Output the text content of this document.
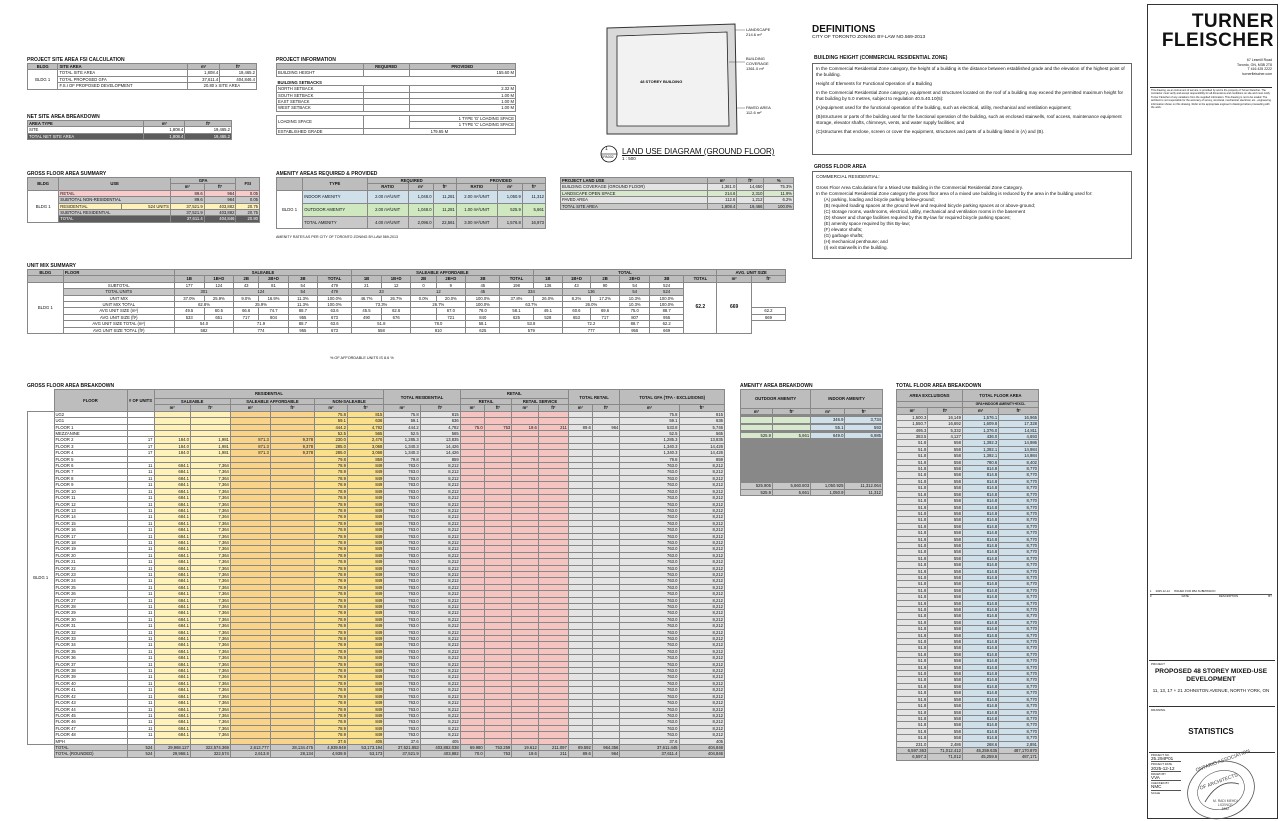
PROJECT SITE AREA FSI CALCULATION
BLDG	SITE AREA	m²	ft²
BLDG 1	TOTAL SITE AREA	1,808.4	19,465.2
	TOTAL PROPOSED GFA	37,611.4	404,846.4
	F.S.I OF PROPOSED DEVELOPMENT	20.80 x SITE AREA	
NET SITE AREA BREAKDOWN
AREA TYPE	m²	ft²
SITE	1,808.4	19,465.2
TOTAL NET SITE AREA	1,808.4	19,465.2
PROJECT INFORMATION
	REQUIRED	PROVIDED
BUILDING HEIGHT		155.60 M
BUILDING SETBACKS		
NORTH SETBACK		2.32 M
SOUTH SETBACK		1.00 M
EAST SETBACK		1.00 M
WEST SETBACK		1.00 M

LOADING SPACE		1 TYPE 'G' LOADING SPACE
		1 TYPE 'C' LOADING SPACE
ESTABLISHED GRADE	179.65 M	
48 STOREY BUILDING
LANDSCAPE
214.6 m²
BUILDING COVERAGE
1361.0 m²
PAVED AREA
112.6 m²
1
SPA002
LAND USE DIAGRAM (GROUND FLOOR)
1 : 500
DEFINITIONS
CITY OF TORONTO ZONING BY-LAW NO.569-2013
BUILDING HEIGHT (COMMERCIAL RESIDENTIAL ZONE)
In the Commercial Residential Zone category, the height of a building is the distance between established grade and the elevation of the highest point of the building.
Height of Elements for Functional Operation of a Building
In the Commercial Residential Zone category, equipment and structures located on the roof of a building may exceed the permitted maximum height for that building by 5.0 metres, subject to regulation 40.5.40.10(5):
(A)equipment used for the functional operation of the building, such as electrical, utility, mechanical and ventilation equipment;
(B)structures or parts of the building used for the functional operation of the building, such as enclosed stairwells, roof access, maintenance equipment storage, elevator shafts, chimneys, vents, and water supply facilities; and
(C)structures that enclose, screen or cover the equipment, structures and parts of a building listed in (A) and (B).
GROSS FLOOR AREA
COMMERCIAL RESIDENTIAL:
Gross Floor Area Calculations for a Mixed Use Building in the Commercial Residential Zone Category.
In the Commercial Residential Zone category the gross floor area of a mixed use building is reduced by the area in the building used for:
(A) parking, loading and bicycle parking below-ground;
(B) required loading spaces at the ground level and required bicycle parking spaces at or above-ground;
(C) storage rooms, washrooms, electrical, utility, mechanical and ventilation rooms in the basement
(D) shower and change facilities required by this By-law for required bicycle parking spaces;
(E) amenity space required by this By-law;
(F) elevator shafts;
(G) garbage shafts;
(H) mechanical penthouse; and
(I) exit stairwells in the building.
GROSS FLOOR AREA SUMMARY
BLDG	USE		GFA		FSI
			m²	ft²	
BLDG 1	RETAIL		89.6	964	0.05
	SUBTOTAL NON-RESIDENTIAL		89.6	964	0.05
	RESIDENTIAL	524 UNITS	37,521.9	403,882	20.75
	SUBTOTAL RESIDENTIAL		37,521.9	403,882	20.75
	TOTAL		37,611.4	404,846	20.80
AMENITY AREAS REQUIRED & PROVIDED
	TYPE	REQUIRED			PROVIDED		
		RATIO	m²	ft²	RATIO	m²	ft²
BLDG 1	INDOOR AMENITY	2.00 m²/UNIT	1,048.0	11,281	2.00 m²/UNIT	1,050.9	11,312
	OUTDOOR AMENITY	2.00 m²/UNIT	1,048.0	11,281	1.00 m²/UNIT	525.9	5,661
	TOTAL AMENITY	4.00 m²/UNIT	2,096.0	22,561	3.00 m²/UNIT	1,576.8	16,973
AMENITY RATES AS PER CITY OF TORONTO ZONING BY-LAW 569-2013
PROJECT LAND USE	m²	ft²	%
BUILDING COVERAGE (GROUND FLOOR)	1,361.0	14,650	75.3%
LANDSCAPE OPEN SPACE	214.6	2,310	11.9%
PAVED AREA	112.6	1,212	6.2%
TOTAL SITE AREA	1,808.4	19,466	100.0%
UNIT MIX SUMMARY
BLDG	FLOOR	SALEABLE						SALEABLE AFFORDABLE						TOTAL						AVG. UNIT SIZE	
		1B	1B+D	2B	2B+D	3B	TOTAL	1B	1B+D	2B	2B+D	3B	TOTAL	1B	1B+D	2B	2B+D	3B	TOTAL	m²	ft²
BLDG 1	SUBTOTAL	177	124	43	81	54	479	21	12	0	9	45	198	136	43	90	54	524	62.2	669	
	TOTAL UNITS	301		124		54	479	33		12		45	334		136		54	524			
	UNIT MIX	37.0%	25.9%	9.0%	16.9%	11.3%	100.0%	46.7%	26.7%	0.0%	20.0%	100.0%	37.8%	26.0%	8.2%	17.2%	10.3%	100.0%			
	UNIT MIX TOTAL	62.8%		25.9%		11.3%	100.0%	73.3%		26.7%		100.0%	63.7%		26.0%		10.3%	100.0%			
	AVG UNIT SIZE (m²)	49.5	60.5	66.6	74.7	88.7	63.6	45.5	62.6		67.0	78.0	58.1	49.1	60.6	69.6	75.0	88.7			62.2
	AVG UNIT SIZE (ft²)	533	651	717	804	955	673	490	676		721	840	625	528	653	717	807	955			669
	AVG UNIT SIZE TOTAL (m²)	54.0		71.9		88.7	63.6	51.8		78.0		58.1	53.8		72.2		88.7	62.2			
	AVG UNIT SIZE TOTAL (ft²)	582		774		955	673	558		810		625	579		777		955	669			
% OF AFFORDABLE UNITS IS 8.6 %
GROSS FLOOR AREA BREAKDOWN
	FLOOR	# OF UNITS	RESIDENTIAL						TOTAL RESIDENTIAL		RETAIL				TOTAL RETAIL		TOTAL GFA (TFA - EXCLUSIONS)	
			SALEABLE		SALEABLE AFFORDABLE		NON-SALEABLE				RETAIL		RETAIL SERVICE					
			m²	ft²	m²	ft²	m²	ft²	m²	ft²	m²	ft²	m²	ft²	m²	ft²	m²	ft²
BLDG 1	UG2						75.8	815	75.8	815							75.8	815
	UG1						59.1	636	59.1	636							59.1	636
	FLOOR 1						444.2	4,782	444.2	4,782	75.0	753	19.6	211	89.6	964	533.8	5,746
	MEZZANINE						52.5	565	52.5	565							52.5	565
	FLOOR 2	17	184.0	1,981	871.3	9,378	230.0	2,476	1,285.3	13,835							1,285.3	13,835
	FLOOR 3	17	184.0	1,981	871.3	9,378	285.0	3,068	1,340.3	14,426							1,340.3	14,426
	FLOOR 4	17	184.0	1,981	871.3	9,378	285.0	3,068	1,340.3	14,426							1,340.3	14,426
	FLOOR 5						79.8	859	79.8	859							79.8	859
	FLOOR 6	11	684.1	7,364			78.9	849	763.0	8,212							763.0	8,212
	FLOOR 7	11	684.1	7,364			78.9	849	763.0	8,212							763.0	8,212
	FLOOR 8	11	684.1	7,364			78.9	849	763.0	8,212							763.0	8,212
	FLOOR 9	11	684.1	7,364			78.9	849	763.0	8,212							763.0	8,212
	FLOOR 10	11	684.1	7,364			78.9	849	763.0	8,212							763.0	8,212
	FLOOR 11	11	684.1	7,364			78.9	849	763.0	8,212							763.0	8,212
	FLOOR 12	11	684.1	7,364			78.9	849	763.0	8,212							763.0	8,212
	FLOOR 13	11	684.1	7,364			78.9	849	763.0	8,212							763.0	8,212
	FLOOR 14	11	684.1	7,364			78.9	849	763.0	8,212							763.0	8,212
	FLOOR 15	11	684.1	7,364			78.9	849	763.0	8,212							763.0	8,212
	FLOOR 16	11	684.1	7,364			78.9	849	763.0	8,212							763.0	8,212
	FLOOR 17	11	684.1	7,364			78.9	849	763.0	8,212							763.0	8,212
	FLOOR 18	11	684.1	7,364			78.9	849	763.0	8,212							763.0	8,212
	FLOOR 19	11	684.1	7,364			78.9	849	763.0	8,212							763.0	8,212
	FLOOR 20	11	684.1	7,364			78.9	849	763.0	8,212							763.0	8,212
	FLOOR 21	11	684.1	7,364			78.9	849	763.0	8,212							763.0	8,212
	FLOOR 22	11	684.1	7,364			78.9	849	763.0	8,212							763.0	8,212
	FLOOR 23	11	684.1	7,364			78.9	849	763.0	8,212							763.0	8,212
	FLOOR 24	11	684.1	7,364			78.9	849	763.0	8,212							763.0	8,212
	FLOOR 25	11	684.1	7,364			78.9	849	763.0	8,212							763.0	8,212
	FLOOR 26	11	684.1	7,364			78.9	849	763.0	8,212							763.0	8,212
	FLOOR 27	11	684.1	7,364			78.9	849	763.0	8,212							763.0	8,212
	FLOOR 28	11	684.1	7,364			78.9	849	763.0	8,212							763.0	8,212
	FLOOR 29	11	684.1	7,364			78.9	849	763.0	8,212							763.0	8,212
	FLOOR 30	11	684.1	7,364			78.9	849	763.0	8,212							763.0	8,212
	FLOOR 31	11	684.1	7,364			78.9	849	763.0	8,212							763.0	8,212
	FLOOR 32	11	684.1	7,364			78.9	849	763.0	8,212							763.0	8,212
	FLOOR 33	11	684.1	7,364			78.9	849	763.0	8,212							763.0	8,212
	FLOOR 34	11	684.1	7,364			78.9	849	763.0	8,212							763.0	8,212
	FLOOR 35	11	684.1	7,364			78.9	849	763.0	8,212							763.0	8,212
	FLOOR 36	11	684.1	7,364			78.9	849	763.0	8,212							763.0	8,212
	FLOOR 37	11	684.1	7,364			78.9	849	763.0	8,212							763.0	8,212
	FLOOR 38	11	684.1	7,364			78.9	849	763.0	8,212							763.0	8,212
	FLOOR 39	11	684.1	7,364			78.9	849	763.0	8,212							763.0	8,212
	FLOOR 40	11	684.1	7,364			78.9	849	763.0	8,212							763.0	8,212
	FLOOR 41	11	684.1	7,364			78.9	849	763.0	8,212							763.0	8,212
	FLOOR 42	11	684.1	7,364			78.9	849	763.0	8,212							763.0	8,212
	FLOOR 43	11	684.1	7,364			78.9	849	763.0	8,212							763.0	8,212
	FLOOR 44	11	684.1	7,364			78.9	849	763.0	8,212							763.0	8,212
	FLOOR 45	11	684.1	7,364			78.9	849	763.0	8,212							763.0	8,212
	FLOOR 46	11	684.1	7,364			78.9	849	763.0	8,212							763.0	8,212
	FLOOR 47	11	684.1	7,364			78.9	849	763.0	8,212							763.0	8,212
	FLOOR 48	11	684.1	7,364			78.9	849	763.0	8,212							763.0	8,212
	MPH						37.6	405	37.6	405							37.6	405
	TOTAL	524	29,968.127	322,574.369	2,613.777	28,134.475	4,939.949	53,173.194	37,521.853	403,882.038	69.980	753.259	19.612	211.097	89.592	964.356	37,611.445	404,846
	TOTAL (ROUNDED)	524	29,968.1	322,574	2,613.8	28,134	4,939.9	53,173	37,521.9	403,882	70.0	753	19.6	211	89.6	964	37,611.4	404,846
AMENITY AREA BREAKDOWN
OUTDOOR AMENITY		INDOOR AMENITY	
m²	ft²	m²	ft²

		346.9	3,734

		55.1	593

525.9	5,661	649.0	6,985

525.905	5,660.803	1,050.925	11,312.064
525.9	5,661	1,050.9	11,312
TOTAL FLOOR AREA BREAKDOWN
AREA EXCLUSIONS		TOTAL FLOOR AREA	
		GFA+INDOOR AMENITY+EXCL	
m²	ft²	m²	ft²
1,500.3	16,149	1,576.1	16,965
1,550.7	16,692	1,609.8	17,328
495.3	5,332	1,376.0	14,811
383.5	4,127	436.0	4,693
51.8	558	1,392.3	14,986
51.8	558	1,392.1	14,984
51.8	558	1,392.1	14,984
51.8	558	780.6	8,402
51.8	558	814.8	8,770
51.8	558	814.8	8,770
51.8	558	814.8	8,770
51.8	558	814.8	8,770
51.8	558	814.8	8,770
51.8	558	814.8	8,770
51.8	558	814.8	8,770
51.8	558	814.8	8,770
51.8	558	814.8	8,770
51.8	558	814.8	8,770
51.8	558	814.8	8,770
51.8	558	814.8	8,770
51.8	558	814.8	8,770
51.8	558	814.8	8,770
51.8	558	814.8	8,770
51.8	558	814.8	8,770
51.8	558	814.8	8,770
51.8	558	814.8	8,770
51.8	558	814.8	8,770
51.8	558	814.8	8,770
51.8	558	814.8	8,770
51.8	558	814.8	8,770
51.8	558	814.8	8,770
51.8	558	814.8	8,770
51.8	558	814.8	8,770
51.8	558	814.8	8,770
51.8	558	814.8	8,770
51.8	558	814.8	8,770
51.8	558	814.8	8,770
51.8	558	814.8	8,770
51.8	558	814.8	8,770
51.8	558	814.8	8,770
51.8	558	814.8	8,770
51.8	558	814.8	8,770
51.8	558	814.8	8,770
51.8	558	814.8	8,770
51.8	558	814.8	8,770
51.8	558	814.8	8,770
51.8	558	814.8	8,770
51.8	558	814.8	8,770
51.8	558	814.8	8,770
51.8	558	814.8	8,770
51.8	558	814.8	8,770
231.0	2,486	268.6	2,891
6,597.363	71,012.412	45,259.635	487,170.870
6,597.3	71,012	45,259.6	487,171
TURNER
FLEISCHER
67 Lesmill Road
Toronto, ON, M3B 2T8
T 416 425 2222
turnerfleischer.com
This drawing, as an instrument of service, is provided by and is the property of Turner Fleischer. The contractor must verify and accept responsibility for all dimensions and conditions on site and must notify Turner Fleischer of any variations from the supplied information. This drawing is not to be scaled. The architect is not responsible for the accuracy of survey, structural, mechanical, electrical, etc., engineering information shown on this drawing. Refer to the appropriate engineer's drawings before proceeding with the work.
1 2025-12-12 ISSUED FOR ZBA SUBMISSION
#	DATE	DESCRIPTION	BY
PROJECT
PROPOSED 48 STOREY MIXED-USE DEVELOPMENT
11, 13, 17 + 21 JOHNSTON AVENUE, NORTH YORK, ON
DRAWING
STATISTICS
PROJECT NO.
25.294P01
PROJECT DATE
2025-12-12
DRAWN BY
VVA
CHECKED BY
NMC
SCALE
ONTARIO ASSOCIATION
OF ARCHITECTS
M. RADI MEHDI
LICENCE
8482
